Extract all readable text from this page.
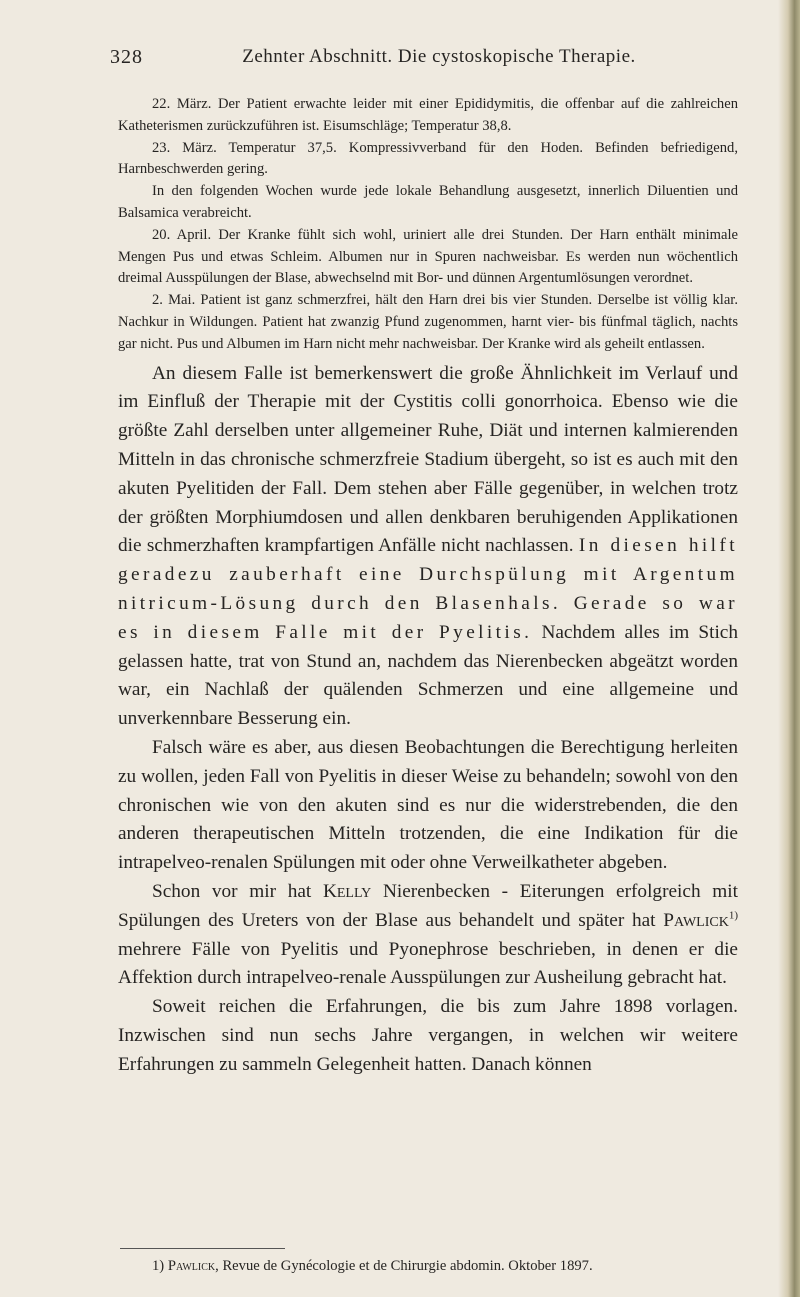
328	Zehnter Abschnitt. Die cystoskopische Therapie.

22. März. Der Patient erwachte leider mit einer Epididymitis, die offenbar auf die zahlreichen Katheterismen zurückzuführen ist. Eisumschläge; Temperatur 38,8.

23. März. Temperatur 37,5. Kompressivverband für den Hoden. Befinden befriedigend, Harnbeschwerden gering.

In den folgenden Wochen wurde jede lokale Behandlung ausgesetzt, innerlich Diluentien und Balsamica verabreicht.

20. April. Der Kranke fühlt sich wohl, uriniert alle drei Stunden. Der Harn enthält minimale Mengen Pus und etwas Schleim. Albumen nur in Spuren nachweisbar. Es werden nun wöchentlich dreimal Ausspülungen der Blase, abwechselnd mit Bor- und dünnen Argentumlösungen verordnet.

2. Mai. Patient ist ganz schmerzfrei, hält den Harn drei bis vier Stunden. Derselbe ist völlig klar. Nachkur in Wildungen. Patient hat zwanzig Pfund zugenommen, harnt vier- bis fünfmal täglich, nachts gar nicht. Pus und Albumen im Harn nicht mehr nachweisbar. Der Kranke wird als geheilt entlassen.

An diesem Falle ist bemerkenswert die große Ähnlichkeit im Verlauf und im Einfluß der Therapie mit der Cystitis colli gonorrhoica. Ebenso wie die größte Zahl derselben unter allgemeiner Ruhe, Diät und internen kalmierenden Mitteln in das chronische schmerzfreie Stadium übergeht, so ist es auch mit den akuten Pyelitiden der Fall. Dem stehen aber Fälle gegenüber, in welchen trotz der größten Morphiumdosen und allen denkbaren beruhigenden Applikationen die schmerzhaften krampfartigen Anfälle nicht nachlassen. In diesen hilft geradezu zauberhaft eine Durchspülung mit Argentum nitricum-Lösung durch den Blasenhals. Gerade so war es in diesem Falle mit der Pyelitis. Nachdem alles im Stich gelassen hatte, trat von Stund an, nachdem das Nierenbecken abgeätzt worden war, ein Nachlaß der quälenden Schmerzen und eine allgemeine und unverkennbare Besserung ein.

Falsch wäre es aber, aus diesen Beobachtungen die Berechtigung herleiten zu wollen, jeden Fall von Pyelitis in dieser Weise zu behandeln; sowohl von den chronischen wie von den akuten sind es nur die widerstrebenden, die den anderen therapeutischen Mitteln trotzenden, die eine Indikation für die intrapelveo-renalen Spülungen mit oder ohne Verweilkatheter abgeben.

Schon vor mir hat Kelly Nierenbecken - Eiterungen erfolgreich mit Spülungen des Ureters von der Blase aus behandelt und später hat Pawlick$^{1)}$ mehrere Fälle von Pyelitis und Pyonephrose beschrieben, in denen er die Affektion durch intrapelveo-renale Ausspülungen zur Ausheilung gebracht hat.

Soweit reichen die Erfahrungen, die bis zum Jahre 1898 vorlagen. Inzwischen sind nun sechs Jahre vergangen, in welchen wir weitere Erfahrungen zu sammeln Gelegenheit hatten. Danach können

1) Pawlick, Revue de Gynécologie et de Chirurgie abdomin. Oktober 1897.
